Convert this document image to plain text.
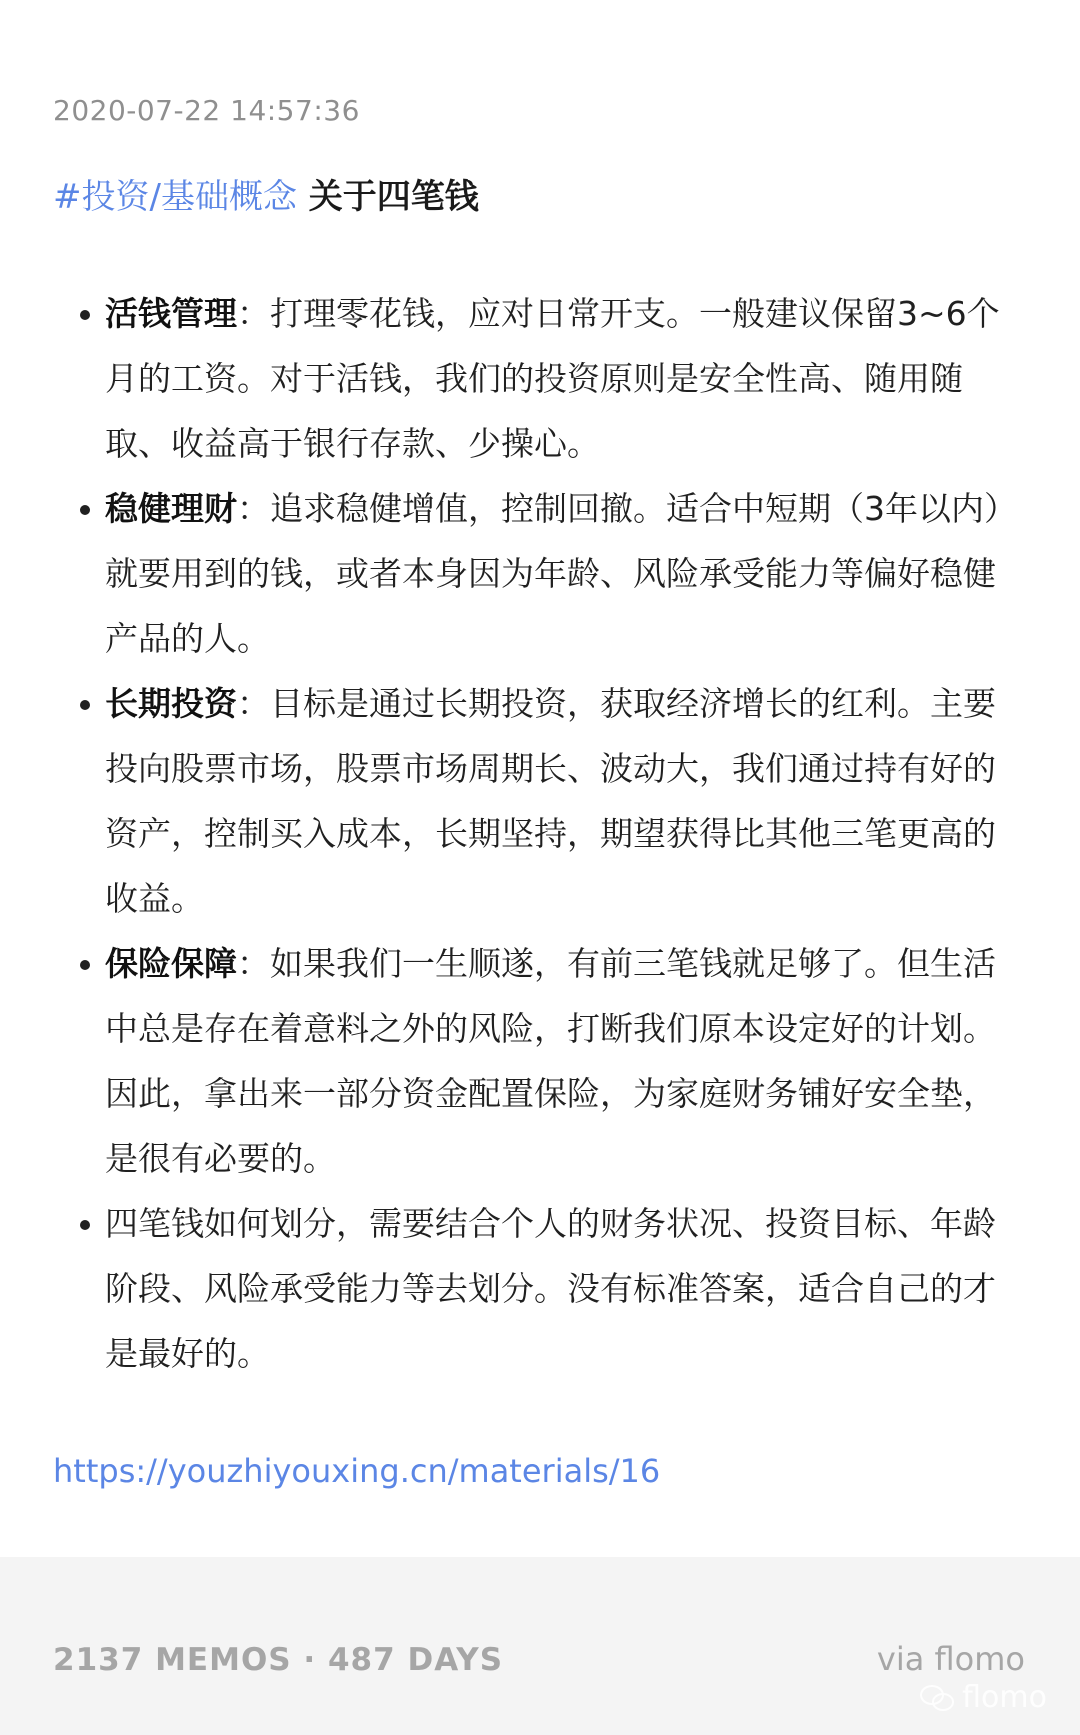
2020-07-22 14:57:36
#投资/基础概念 关于四笔钱
活钱管理：打理零花钱，应对日常开支。一般建议保留3~6个月的工资。对于活钱，我们的投资原则是安全性高、随用随取、收益高于银行存款、少操心。
稳健理财：追求稳健增值，控制回撤。适合中短期（3年以内）就要用到的钱，或者本身因为年龄、风险承受能力等偏好稳健产品的人。
长期投资：目标是通过长期投资，获取经济增长的红利。主要投向股票市场，股票市场周期长、波动大，我们通过持有好的资产，控制买入成本，长期坚持，期望获得比其他三笔更高的收益。
保险保障：如果我们一生顺遂，有前三笔钱就足够了。但生活中总是存在着意料之外的风险，打断我们原本设定好的计划。因此，拿出来一部分资金配置保险，为家庭财务铺好安全垫，是很有必要的。
四笔钱如何划分，需要结合个人的财务状况、投资目标、年龄阶段、风险承受能力等去划分。没有标准答案，适合自己的才是最好的。
https://youzhiyouxing.cn/materials/16
2137 MEMOS · 487 DAYS	via flomo
flomo
